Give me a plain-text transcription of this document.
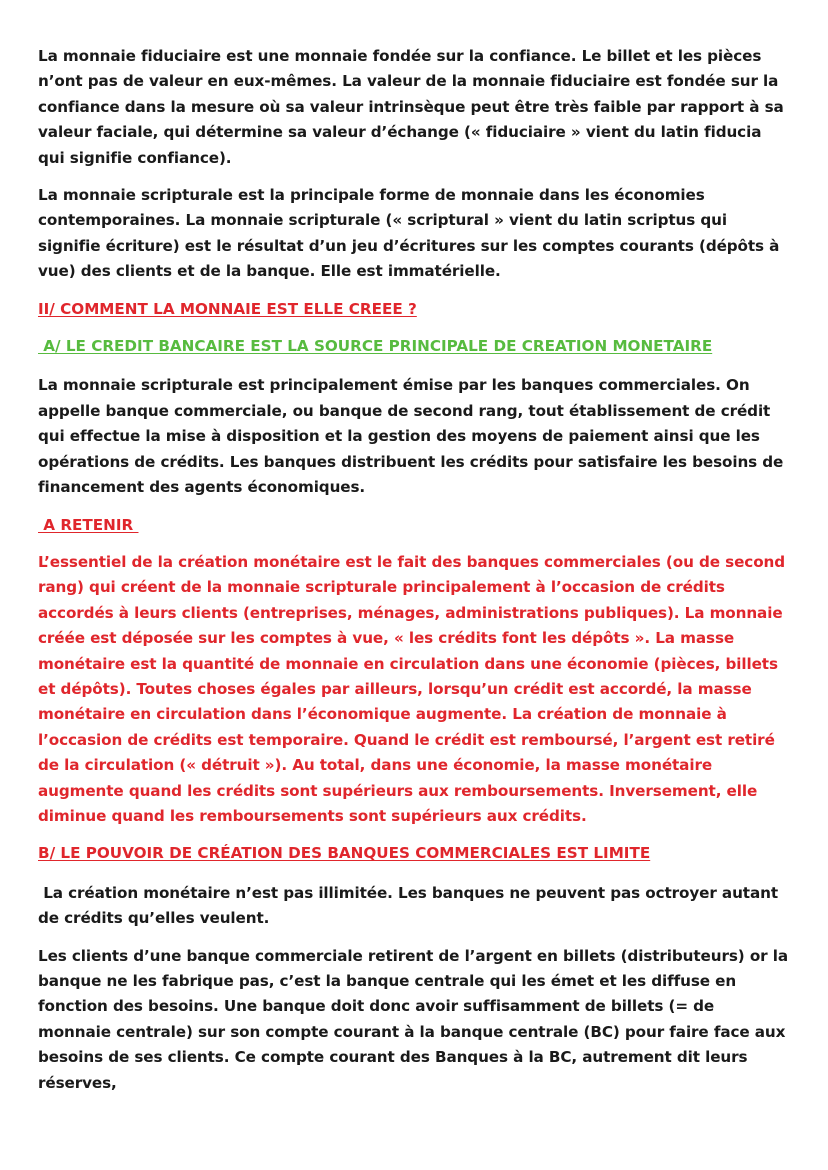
La monnaie fiduciaire est une monnaie fondée sur la confiance. Le billet et les pièces n’ont pas de valeur en eux-mêmes. La valeur de la monnaie fiduciaire est fondée sur la confiance dans la mesure où sa valeur intrinsèque peut être très faible par rapport à sa valeur faciale, qui détermine sa valeur d’échange (« fiduciaire » vient du latin fiducia qui signifie confiance).

La monnaie scripturale est la principale forme de monnaie dans les économies contemporaines. La monnaie scripturale (« scriptural » vient du latin scriptus qui signifie écriture) est le résultat d’un jeu d’écritures sur les comptes courants (dépôts à vue) des clients et de la banque. Elle est immatérielle.

II/ COMMENT LA MONNAIE EST ELLE CREEE ?

A/ LE CREDIT BANCAIRE EST LA SOURCE PRINCIPALE DE CREATION MONETAIRE

La monnaie scripturale est principalement émise par les banques commerciales. On appelle banque commerciale, ou banque de second rang, tout établissement de crédit qui effectue la mise à disposition et la gestion des moyens de paiement ainsi que les opérations de crédits. Les banques distribuent les crédits pour satisfaire les besoins de financement des agents économiques.

A RETENIR

L’essentiel de la création monétaire est le fait des banques commerciales (ou de second rang) qui créent de la monnaie scripturale principalement à l’occasion de crédits accordés à leurs clients (entreprises, ménages, administrations publiques). La monnaie créée est déposée sur les comptes à vue, « les crédits font les dépôts ». La masse monétaire est la quantité de monnaie en circulation dans une économie (pièces, billets et dépôts). Toutes choses égales par ailleurs, lorsqu’un crédit est accordé, la masse monétaire en circulation dans l’économique augmente. La création de monnaie à l’occasion de crédits est temporaire. Quand le crédit est remboursé, l’argent est retiré de la circulation (« détruit »). Au total, dans une économie, la masse monétaire augmente quand les crédits sont supérieurs aux remboursements. Inversement, elle diminue quand les remboursements sont supérieurs aux crédits.

B/ LE POUVOIR DE CRÉATION DES BANQUES COMMERCIALES EST LIMITE

La création monétaire n’est pas illimitée. Les banques ne peuvent pas octroyer autant de crédits qu’elles veulent.

Les clients d’une banque commerciale retirent de l’argent en billets (distributeurs) or la banque ne les fabrique pas, c’est la banque centrale qui les émet et les diffuse en fonction des besoins. Une banque doit donc avoir suffisamment de billets (= de monnaie centrale) sur son compte courant à la banque centrale (BC) pour faire face aux besoins de ses clients. Ce compte courant des Banques à la BC, autrement dit leurs réserves,
